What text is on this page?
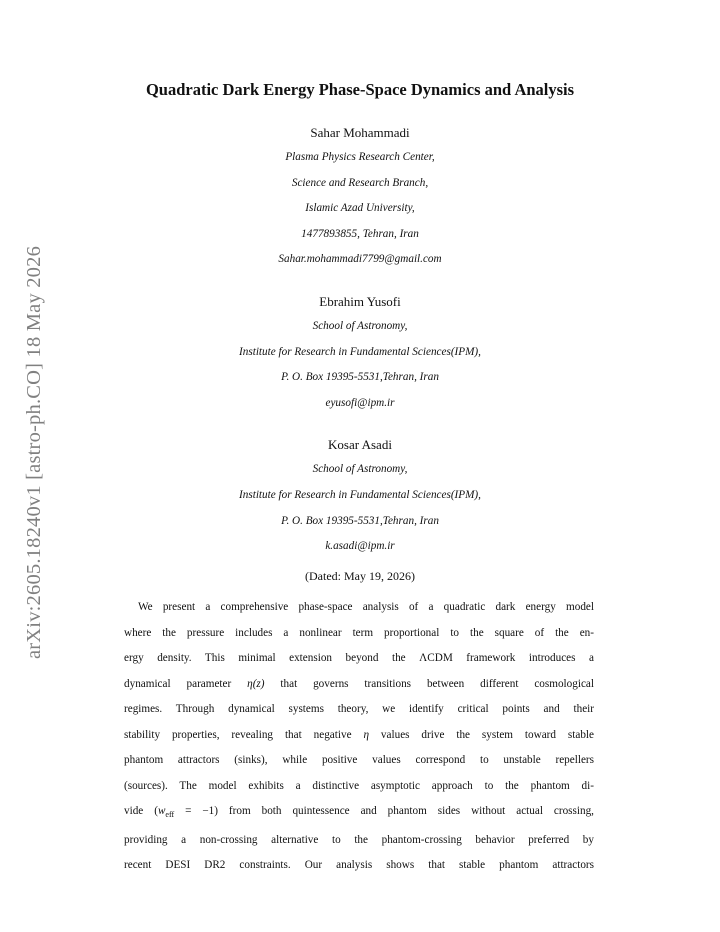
arXiv:2605.18240v1 [astro-ph.CO] 18 May 2026
Quadratic Dark Energy Phase-Space Dynamics and Analysis
Sahar Mohammadi
Plasma Physics Research Center,
Science and Research Branch,
Islamic Azad University,
1477893855, Tehran, Iran
Sahar.mohammadi7799@gmail.com
Ebrahim Yusofi
School of Astronomy,
Institute for Research in Fundamental Sciences(IPM),
P. O. Box 19395-5531,Tehran, Iran
eyusofi@ipm.ir
Kosar Asadi
School of Astronomy,
Institute for Research in Fundamental Sciences(IPM),
P. O. Box 19395-5531,Tehran, Iran
k.asadi@ipm.ir
(Dated: May 19, 2026)
We present a comprehensive phase-space analysis of a quadratic dark energy model
where the pressure includes a nonlinear term proportional to the square of the en-
ergy density. This minimal extension beyond the ΛCDM framework introduces a
dynamical parameter η(z) that governs transitions between different cosmological
regimes. Through dynamical systems theory, we identify critical points and their
stability properties, revealing that negative η values drive the system toward stable
phantom attractors (sinks), while positive values correspond to unstable repellers
(sources). The model exhibits a distinctive asymptotic approach to the phantom di-
vide $(w_{eff} = -1)$ from both quintessence and phantom sides without actual crossing,
providing a non-crossing alternative to the phantom-crossing behavior preferred by
recent DESI DR2 constraints. Our analysis shows that stable phantom attractors
